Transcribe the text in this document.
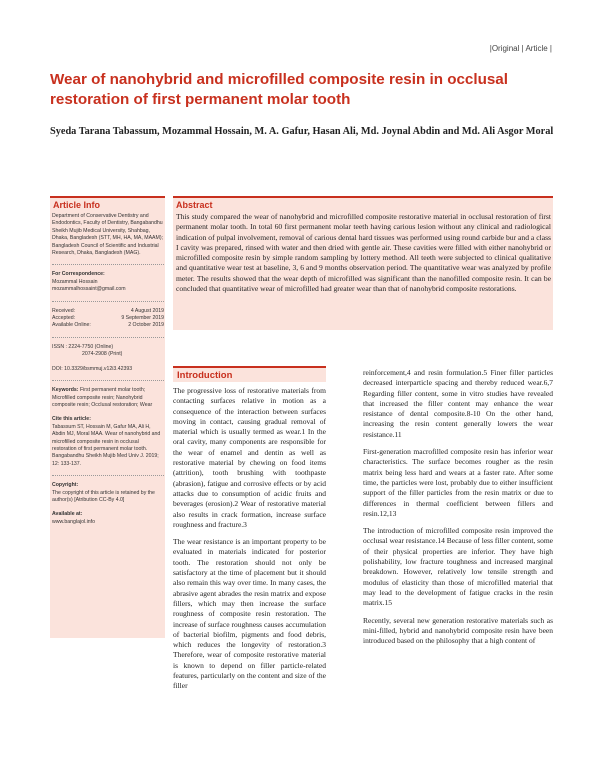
|Original | Article |
Wear of nanohybrid and microfilled composite resin in occlusal restoration of first permanent molar tooth
Syeda Tarana Tabassum, Mozammal Hossain, M. A. Gafur, Hasan Ali, Md. Joynal Abdin and Md. Ali Asgor Moral
Article Info
Department of Conservative Dentistry and Endodontics, Faculty of Dentistry, Bangabandhu Sheikh Mujib Medical University, Shahbag, Dhaka, Bangladesh (STT, MH, HA, MA, MAAM); Bangladesh Council of Scientific and Industrial Research, Dhaka, Bangladesh (MAG).
For Correspondence:
Mozammal Hossain
mozammalhossaint@gmail.com
Received:	4 August 2019
Accepted:	9 September 2019
Available Online:	2 October 2019
ISSN : 2224-7750 (Online)
2074-2908 (Print)
DOI: 10.3329/bsmmuj.v12i3.42393
Keywords: First permanent molar tooth; Microfilled composite resin; Nanohybrid composite resin; Occlusal restoration; Wear
Cite this article:
Tabassum ST, Hossain M, Gafur MA, Ali H, Abdin MJ, Moral MAA. Wear of nanohybrid and microfilled composite resin in occlusal restoration of first permanent molar tooth. Bangabandhu Sheikh Mujib Med Univ J. 2019; 12: 133-137.
Copyright:
The copyright of this article is retained by the author(s) [Atribution CC-By 4.0]
Available at:
www.banglajol.info
Abstract
This study compared the wear of nanohybrid and microfilled composite restorative material in occlusal restoration of first permanent molar tooth. In total 60 first permanent molar teeth having carious lesion without any clinical and radiological indication of pulpal involvement, removal of carious dental hard tissues was performed using round carbide bur and a class I cavity was prepared, rinsed with water and then dried with gentle air. These cavities were filled with either nanohybrid or microfilled composite resin by simple random sampling by lottery method. All teeth were subjected to clinical qualitative and quantitative wear test at baseline, 3, 6 and 9 months observation period. The quantitative wear was analyzed by profile meter. The results showed that the wear depth of microfilled was significant than the nanofilled composite resin. It can be concluded that quantitative wear of microfilled had greater wear than that of nanohybrid composite restorations.
Introduction

The progressive loss of restorative materials from contacting surfaces relative in motion as a consequence of the interaction between surfaces moving in contact, causing gradual removal of material which is usually termed as wear.1 In the oral cavity, many components are responsible for the wear of enamel and dentin as well as restorative material by chewing on food items (attrition), tooth brushing with toothpaste (abrasion), fatigue and corrosive effects or by acid attacks due to consumption of acidic fruits and beverages (erosion).2 Wear of restorative material also results in crack formation, increase surface roughness and fracture.3

The wear resistance is an important property to be evaluated in materials indicated for posterior tooth. The restoration should not only be satisfactory at the time of placement but it should also remain this way over time. In many cases, the abrasive agent abrades the resin matrix and expose fillers, which may then increase the surface roughness of composite resin restoration. The increase of surface roughness causes accumulation of bacterial biofilm, pigments and food debris, which reduces the longevity of restoration.3 Therefore, wear of composite restorative material is known to depend on filler particle-related features, particularly on the content and size of the filler

reinforcement,4 and resin formulation.5 Finer filler particles decreased interparticle spacing and thereby reduced wear.6,7 Regarding filler content, some in vitro studies have revealed that increased the filler content may enhance the wear resistance of dental composite.8-10 On the other hand, increasing the resin content generally lowers the wear resistance.11

First-generation macrofilled composite resin has inferior wear characteristics. The surface becomes rougher as the resin matrix being less hard and wears at a faster rate. After some time, the particles were lost, probably due to either insufficient support of the filler particles from the resin matrix or due to differences in thermal coefficient between fillers and resin.12,13

The introduction of microfilled composite resin improved the occlusal wear resistance.14 Because of less filler content, some of their physical properties are inferior. They have high polishability, low fracture toughness and increased marginal breakdown. However, relatively low tensile strength and modulus of elasticity than those of microfilled material that may lead to the development of fatigue cracks in the resin matrix.15

Recently, several new generation restorative materials such as mini-filled, hybrid and nanohybrid composite resin have been introduced based on the philosophy that a high content of
